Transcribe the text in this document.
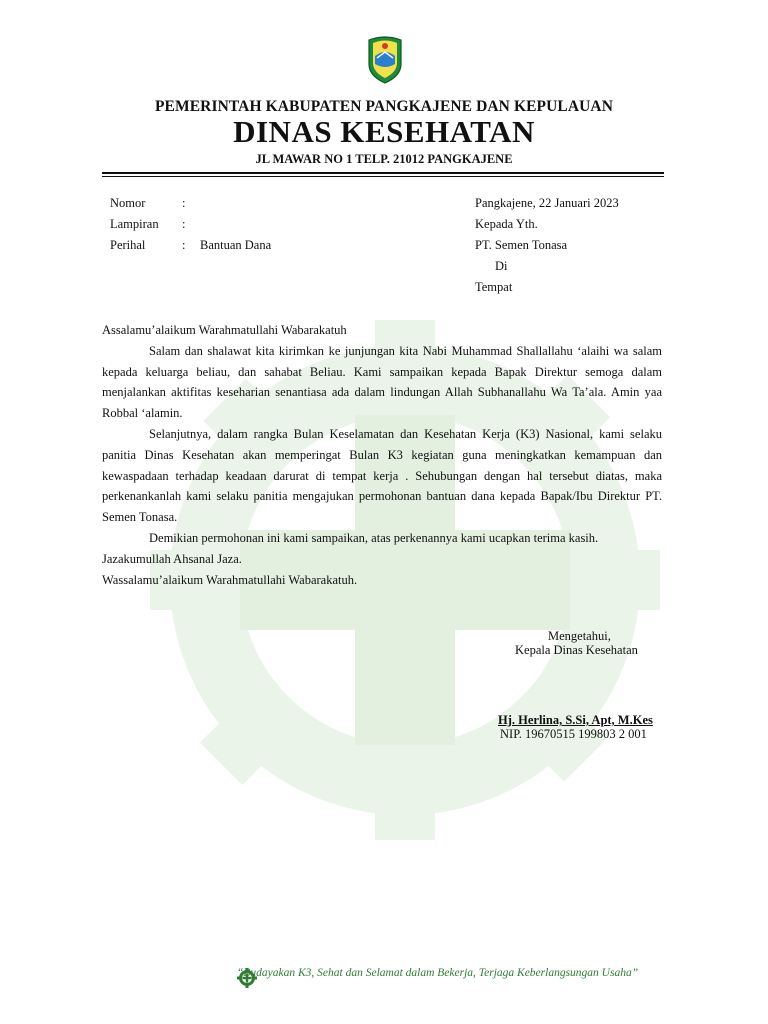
PEMERINTAH KABUPATEN PANGKAJENE DAN KEPULAUAN
DINAS KESEHATAN
JL MAWAR NO 1 TELP. 21012 PANGKAJENE
Nomor	:
Lampiran :
Perihal	: Bantuan Dana
Pangkajene, 22 Januari 2023
Kepada Yth.
PT. Semen Tonasa
Di
Tempat

Assalamu’alaikum Warahmatullahi Wabarakatuh

Salam dan shalawat kita kirimkan ke junjungan kita Nabi Muhammad Shallallahu ‘alaihi wa salam kepada keluarga beliau, dan sahabat Beliau. Kami sampaikan kepada Bapak Direktur semoga dalam menjalankan aktifitas keseharian senantiasa ada dalam lindungan Allah Subhanallahu Wa Ta’ala. Amin yaa Robbal ‘alamin.

Selanjutnya, dalam rangka Bulan Keselamatan dan Kesehatan Kerja (K3) Nasional, kami selaku panitia Dinas Kesehatan akan memperingat Bulan K3 kegiatan guna meningkatkan kemampuan dan kewaspadaan terhadap keadaan darurat di tempat kerja . Sehubungan dengan hal tersebut diatas, maka perkenankanlah kami selaku panitia mengajukan permohonan bantuan dana kepada Bapak/Ibu Direktur PT. Semen Tonasa.

Demikian permohonan ini kami sampaikan, atas perkenannya kami ucapkan terima kasih.

Jazakumullah Ahsanal Jaza.

Wassalamu’alaikum Warahmatullahi Wabarakatuh.

Mengetahui,
Kepala Dinas Kesehatan
Hj. Herlina, S.Si, Apt, M.Kes
NIP. 19670515 199803 2 001
“Budayakan K3, Sehat dan Selamat dalam Bekerja, Terjaga Keberlangsungan Usaha”
